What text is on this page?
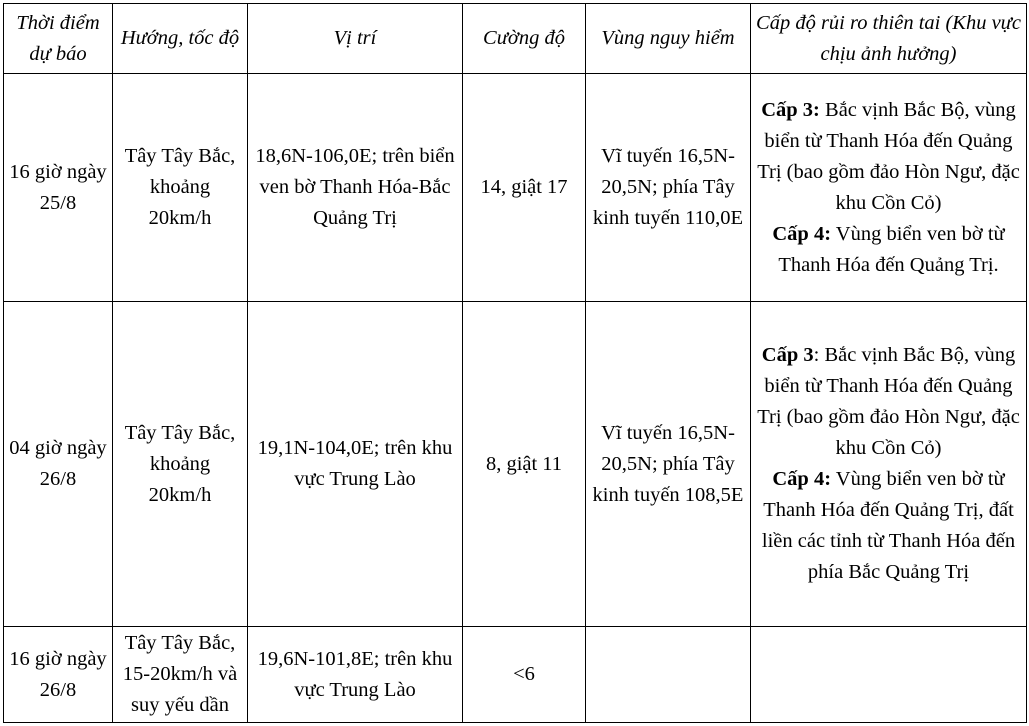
Thời điểm dự báo	Hướng, tốc độ	Vị trí	Cường độ	Vùng nguy hiểm	Cấp độ rủi ro thiên tai (Khu vực chịu ảnh hưởng)
16 giờ ngày 25/8	Tây Tây Bắc, khoảng 20km/h	18,6N-106,0E; trên biển ven bờ Thanh Hóa-Bắc Quảng Trị	14, giật 17	Vĩ tuyến 16,5N-20,5N; phía Tây kinh tuyến 110,0E	Cấp 3: Bắc vịnh Bắc Bộ, vùng biển từ Thanh Hóa đến Quảng Trị (bao gồm đảo Hòn Ngư, đặc khu Cồn Cỏ)
Cấp 4: Vùng biển ven bờ từ Thanh Hóa đến Quảng Trị.

04 giờ ngày 26/8	Tây Tây Bắc, khoảng 20km/h	19,1N-104,0E; trên khu vực Trung Lào	8, giật 11	Vĩ tuyến 16,5N-20,5N; phía Tây kinh tuyến 108,5E	Cấp 3: Bắc vịnh Bắc Bộ, vùng biển từ Thanh Hóa đến Quảng Trị (bao gồm đảo Hòn Ngư, đặc khu Cồn Cỏ)
Cấp 4: Vùng biển ven bờ từ Thanh Hóa đến Quảng Trị, đất liền các tỉnh từ Thanh Hóa đến phía Bắc Quảng Trị

16 giờ ngày 26/8	Tây Tây Bắc, 15-20km/h và suy yếu dần	19,6N-101,8E; trên khu vực Trung Lào	<6		
